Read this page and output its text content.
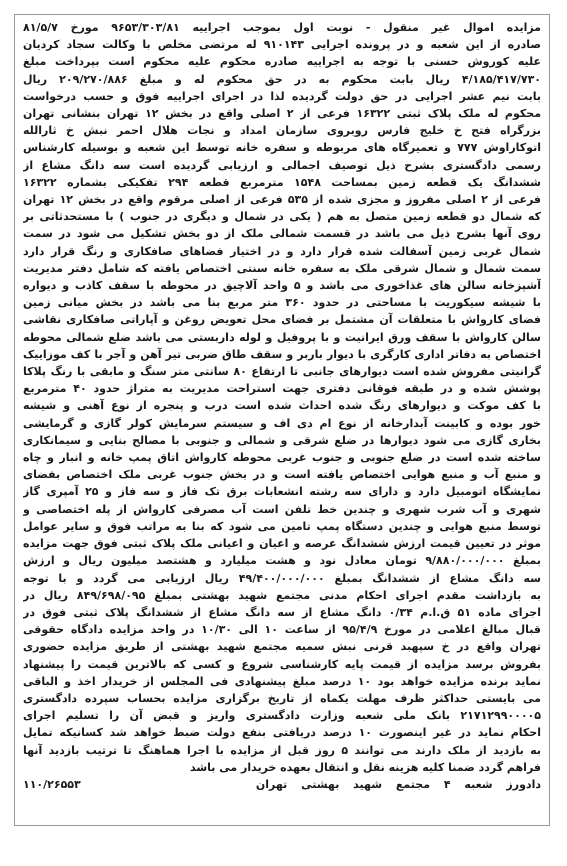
مزایده اموال غیر منقول - نوبت اول بموجب اجراییه ۹۶۵۳/۳۰۳/۸۱ مورخ ۸۱/۵/۷
صادره از این شعبه و در پرونده اجرایی ۹۱۰۱۴۳ له مرتضی مخلص با وکالت سجاد کردیان
علیه کوروش حسنی با توجه به اجراییه صادره محکوم علیه محکوم است بپرداخت مبلغ
۴/۱۸۵/۴۱۷/۷۳۰ ریال بابت محکوم به در حق محکوم له و مبلغ ۲۰۹/۲۷۰/۸۸۶ ریال
بابت نیم عشر اجرایی در حق دولت گردیده لذا در اجرای اجراییه فوق و حسب درخواست
محکوم له ملک پلاک ثبتی ۱۶۳۲۲ فرعی از ۲ اصلی واقع در بخش ۱۲ تهران بنشانی تهران
بزرگراه فتح خ خلیج فارس روبروی سازمان امداد و نجات هلال احمر نبش خ ثارالله
اتوکاراوش ۷۷۷ و تعمیرگاه های مربوطه و سفره خانه توسط این شعبه و بوسیله کارشناس
رسمی دادگستری بشرح ذیل توصیف اجمالی و ارزیابی گردیده است سه دانگ مشاع از
ششدانگ یک قطعه زمین بمساحت ۱۵۴۸ مترمربع قطعه ۲۹۴ تفکیکی بشماره ۱۶۳۲۲
فرعی از ۲ اصلی مفروز و مجزی شده از ۵۳۵ فرعی از اصلی مرقوم واقع در بخش ۱۲ تهران
که شمال دو قطعه زمین متصل به هم ( یکی در شمال و دیگری در جنوب ) با مستحدثاتی بر
روی آنها بشرح ذیل می باشد در قسمت شمالی ملک از دو بخش تشکیل می شود در سمت
شمال غربی زمین آسفالت شده قرار دارد و در اختیار فضاهای صافکاری و رنگ قرار دارد
سمت شمال و شمال شرقی ملک به سفره خانه سنتی اختصاص یافته که شامل دفتر مدیریت
آشپزخانه سالن های غذاخوری می باشد و ۵ واحد آلاچیق در محوطه با سقف کاذب و دیواره
با شیشه سیکوریت با مساحتی در حدود ۳۶۰ متر مربع بنا می باشد در بخش میانی زمین
فضای کارواش با متعلقات آن مشتمل بر فضای محل تعویض روغن و آپاراتی صافکاری نقاشی
سالن کارواش با سقف ورق ایرانیت و با پروفیل و لوله داربستی می باشد ضلع شمالی محوطه
اختصاص به دفاتر اداری کارگری با دیوار باربر و سقف طاق ضربی تیر آهن و آجر با کف موزاییک
گرانیتی مفروش شده است دیوارهای جانبی تا ارتفاع ۸۰ سانتی متر سنگ و مابقی با رنگ پلاکا
پوشش شده و در طبقه فوقانی دفتری جهت استراحت مدیریت به متراژ حدود ۴۰ مترمربع
با کف موکت و دیوارهای رنگ شده احداث شده است درب و پنجره از نوع آهنی و شیشه
خور بوده و کابینت آبدارخانه از نوع ام دی اف و سیستم سرمایش کولر گازی و گرمایشی
بخاری گازی می شود دیوارها در ضلع شرقی و شمالی و جنوبی با مصالح بنایی و سیمانکاری
ساخته شده است در ضلع جنوبی و جنوب غربی محوطه کارواش اتاق پمپ خانه و انبار و چاه
و منبع آب و منبع هوایی اختصاص یافته است و در بخش جنوب غربی ملک اختصاص بفضای
نمایشگاه اتومبیل دارد و دارای سه رشته انشعابات برق تک فاز و سه فاز و ۲۵ آمپری گاز
شهری و آب شرب شهری و چندین خط تلفن است آب مصرفی کارواش از پله اختصاصی و
توسط منبع هوایی و چندین دستگاه پمپ تامین می شود که بنا به مراتب فوق و سایر عوامل
موثر در تعیین قیمت ارزش ششدانگ عرصه و اعیان و اعیانی ملک پلاک ثبتی فوق جهت مزایده
بمبلغ ۹/۸۸۰/۰۰۰/۰۰۰ تومان معادل نود و هشت میلیارد و هشتصد میلیون ریال و ارزش
سه دانگ مشاع از ششدانگ بمبلغ ۴۹/۴۰۰/۰۰۰/۰۰۰ ریال ارزیابی می گردد و با توجه
به بازداشت مقدم اجرای احکام مدنی مجتمع شهید بهشتی بمبلغ ۸۴۹/۶۹۸/۰۹۵ ریال در
اجرای ماده ۵۱ ق.ا.م ۰/۳۴ دانگ مشاع از سه دانگ مشاع از ششدانگ پلاک ثبتی فوق در
قبال مبالغ اعلامی در مورخ ۹۵/۴/۹ از ساعت ۱۰ الی ۱۰/۳۰ در واحد مزایده دادگاه حقوقی
تهران واقع در خ سپهبد قرنی نبش سمیه مجتمع شهید بهشتی از طریق مزایده حضوری
بفروش برسد مزایده از قیمت پایه کارشناسی شروع و کسی که بالاترین قیمت را پیشنهاد
نماید برنده مزایده خواهد بود ۱۰ درصد مبلغ پیشنهادی فی المجلس از خریدار اخذ و الباقی
می بایستی حداکثر ظرف مهلت یکماه از تاریخ برگزاری مزایده بحساب سپرده دادگستری
۲۱۷۱۲۹۹۰۰۰۰۵ بانک ملی شعبه وزارت دادگستری واریز و قبض آن را تسلیم اجرای
احکام نماید در غیر اینصورت ۱۰ درصد دریافتی بنفع دولت ضبط خواهد شد کسانیکه تمایل
به بازدید از ملک دارند می توانند ۵ روز قبل از مزایده با اجرا هماهنگ تا ترتیب بازدید آنها
فراهم گردد ضمنا کلیه هزینه نقل و انتقال بعهده خریدار می باشد
دادورز شعبه ۴ مجتمع شهید بهشتی تهران
۱۱۰/۲۶۵۵۳
